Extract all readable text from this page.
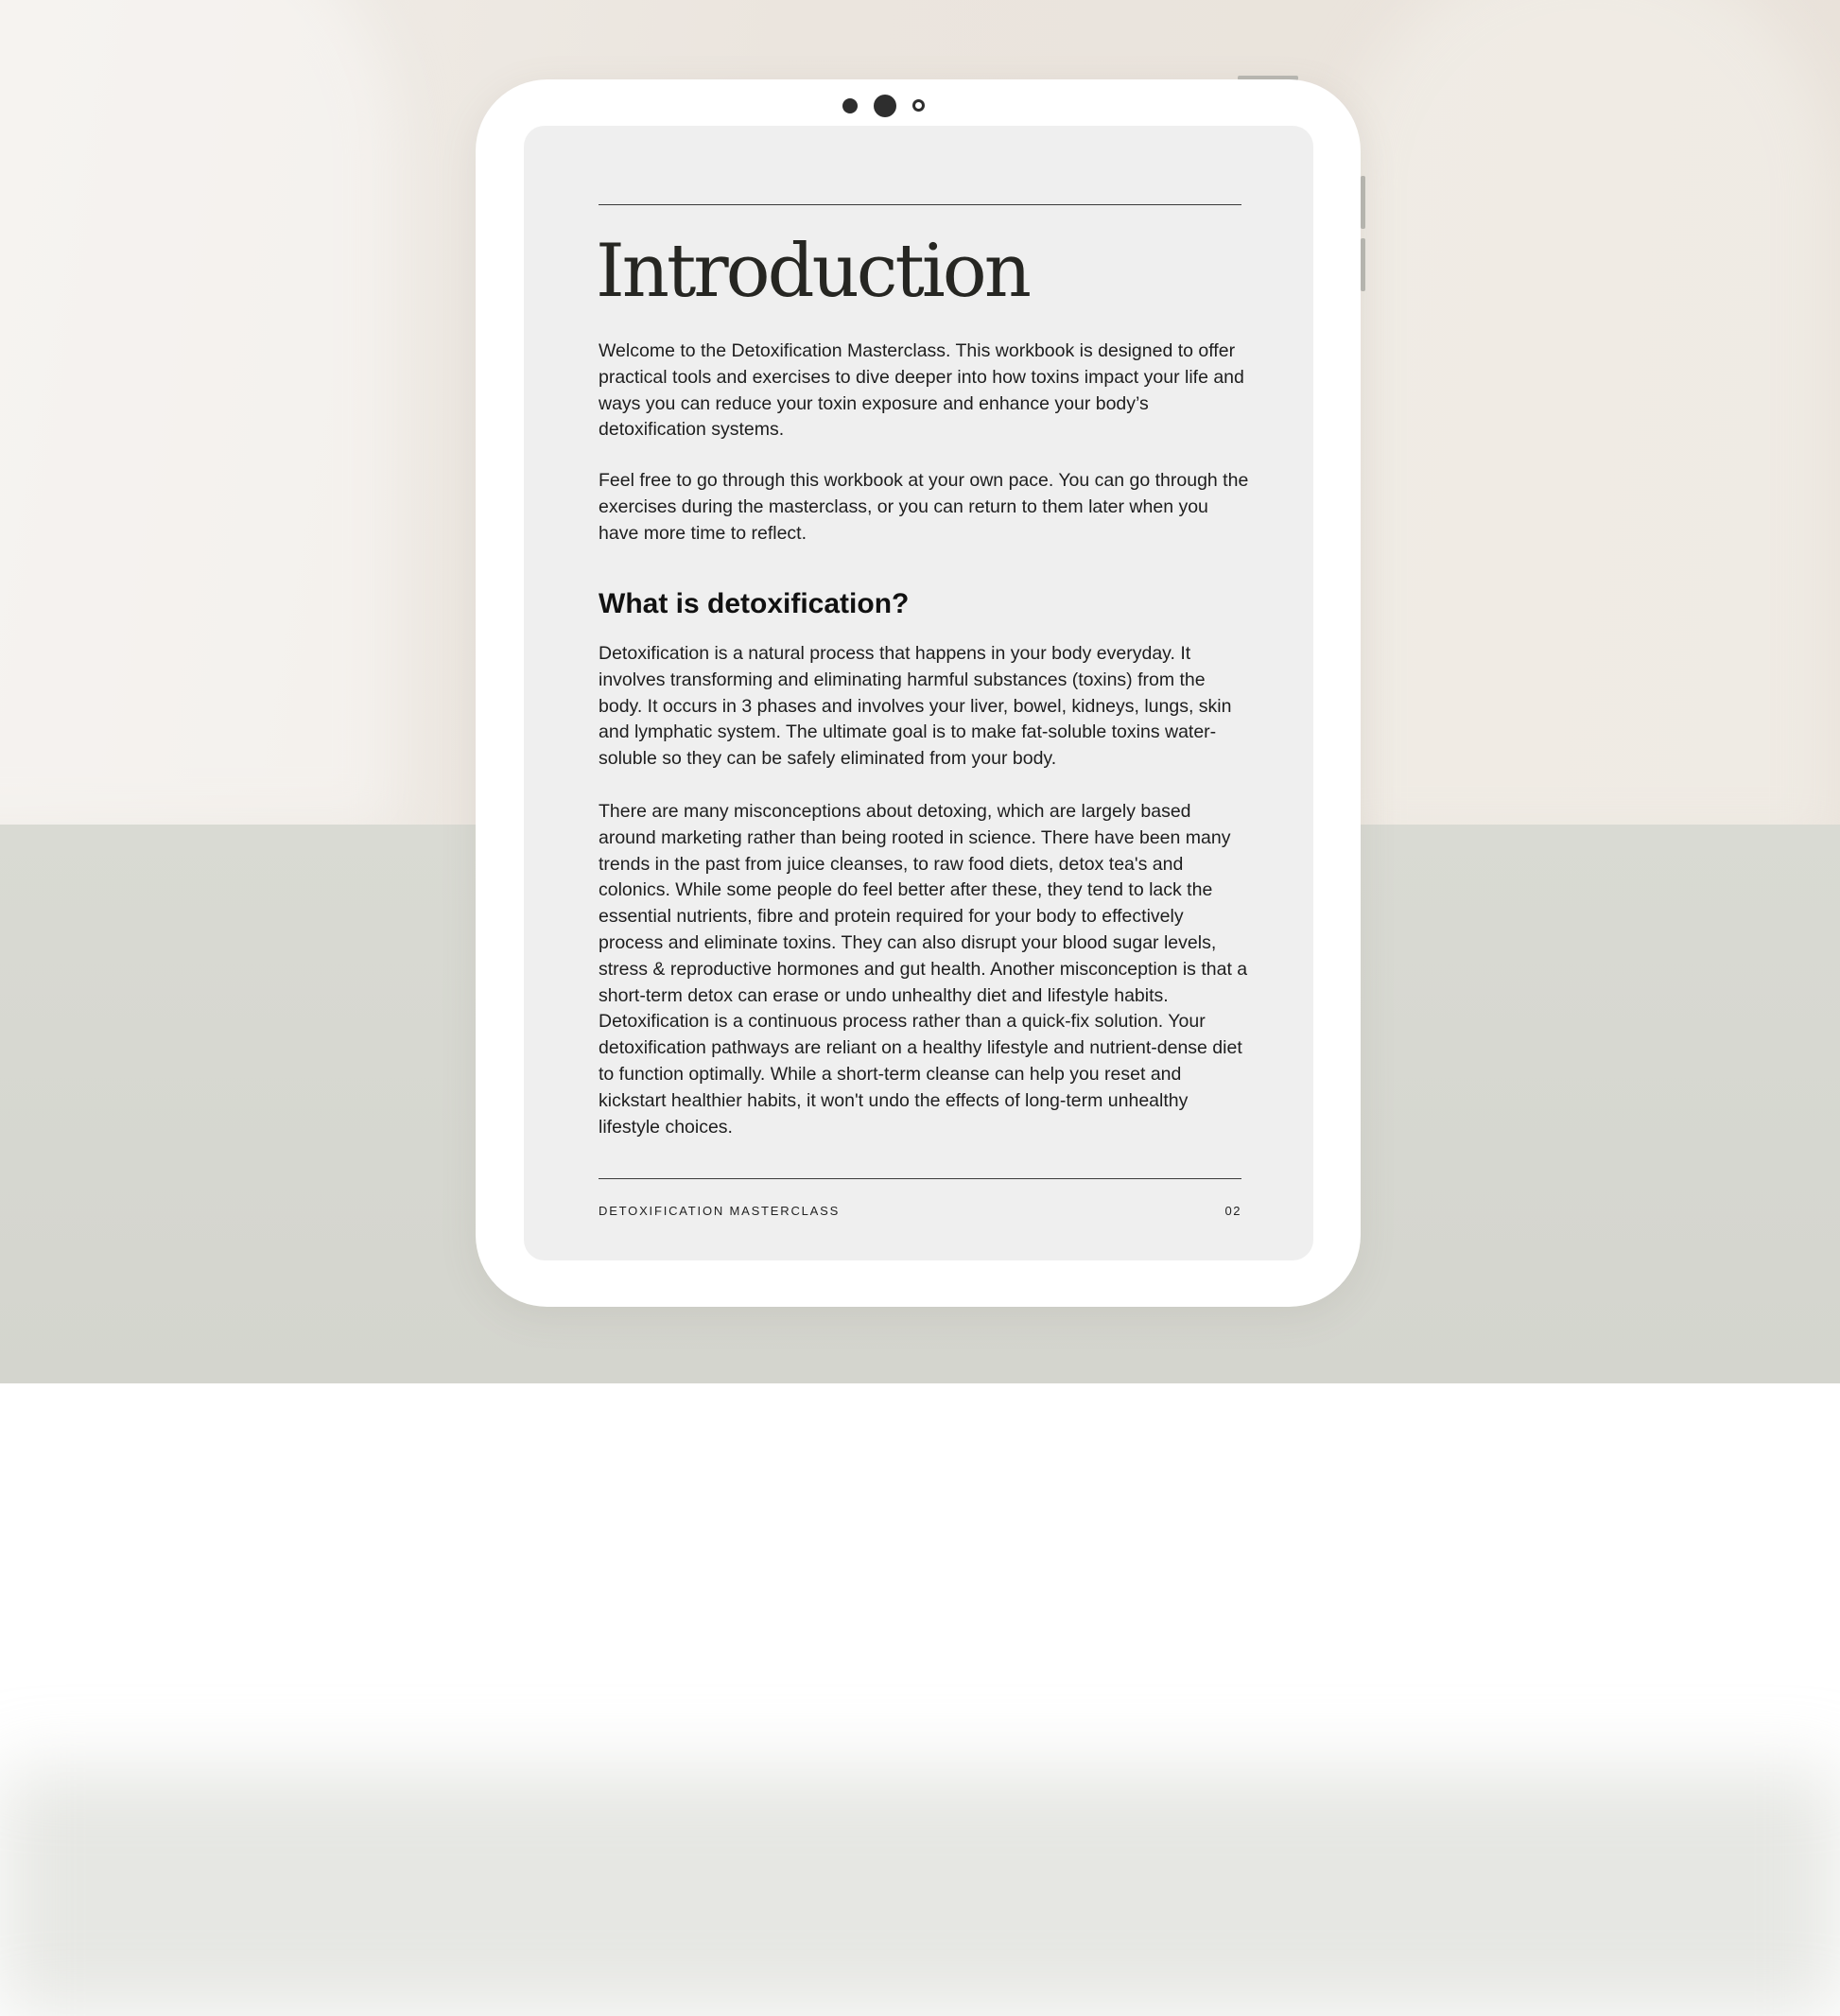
Introduction

Welcome to the Detoxification Masterclass. This workbook is designed to offer practical tools and exercises to dive deeper into how toxins impact your life and ways you can reduce your toxin exposure and enhance your body’s detoxification systems.

Feel free to go through this workbook at your own pace. You can go through the exercises during the masterclass, or you can return to them later when you have more time to reflect.

What is detoxification?

Detoxification is a natural process that happens in your body everyday. It involves transforming and eliminating harmful substances (toxins) from the body. It occurs in 3 phases and involves your liver, bowel, kidneys, lungs, skin and lymphatic system. The ultimate goal is to make fat-soluble toxins water-soluble so they can be safely eliminated from your body.

There are many misconceptions about detoxing, which are largely based around marketing rather than being rooted in science. There have been many trends in the past from juice cleanses, to raw food diets, detox tea's and colonics. While some people do feel better after these, they tend to lack the essential nutrients, fibre and protein required for your body to effectively process and eliminate toxins. They can also disrupt your blood sugar levels, stress & reproductive hormones and gut health. Another misconception is that a short-term detox can erase or undo unhealthy diet and lifestyle habits. Detoxification is a continuous process rather than a quick-fix solution. Your detoxification pathways are reliant on a healthy lifestyle and nutrient-dense diet to function optimally. While a short-term cleanse can help you reset and kickstart healthier habits, it won't undo the effects of long-term unhealthy lifestyle choices.

DETOXIFICATION MASTERCLASS	02
